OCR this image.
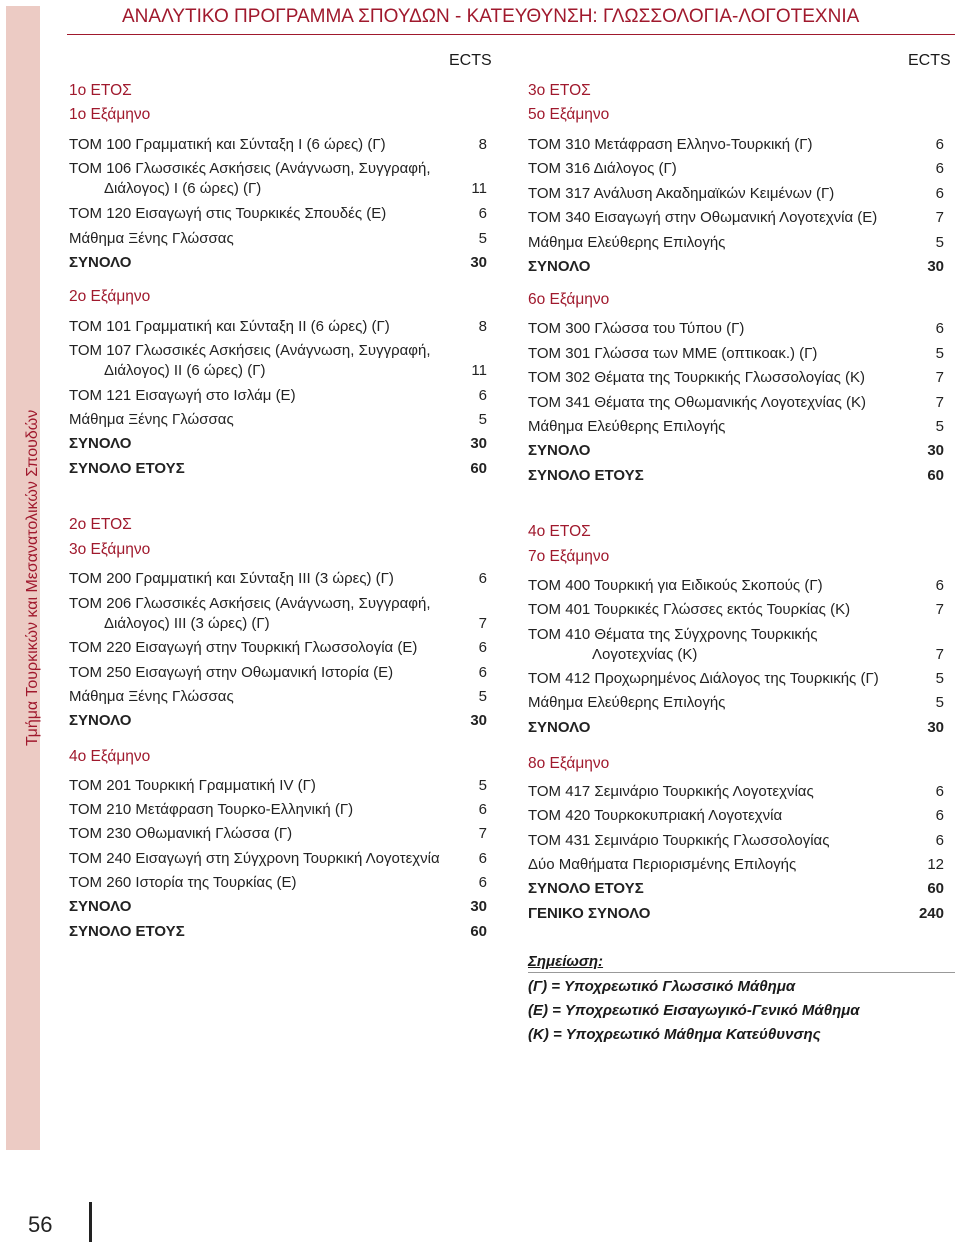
Τμήμα Τουρκικών και Μεσανατολικών Σπουδών
ΑΝΑΛΥΤΙΚΟ ΠΡΟΓΡΑΜΜΑ ΣΠΟΥΔΩΝ - ΚΑΤΕΥΘΥΝΣΗ: ΓΛΩΣΣΟΛΟΓΙΑ-ΛΟΓΟΤΕΧΝΙΑ
ECTS	ECTS
1ο ΕΤΟΣ
1ο Εξάμηνο
ΤΟΜ 100 Γραμματική και Σύνταξη Ι (6 ώρες) (Γ)	8
ΤΟΜ 106 Γλωσσικές Ασκήσεις (Ανάγνωση, Συγγραφή,
Διάλογος) Ι (6 ώρες) (Γ)	11
ΤΟΜ 120 Εισαγωγή στις Τουρκικές Σπουδές (Ε)	6
Μάθημα Ξένης Γλώσσας	5
ΣΥΝΟΛΟ	30
2ο Εξάμηνο
ΤΟΜ 101 Γραμματική και Σύνταξη ΙΙ (6 ώρες) (Γ)	8
ΤΟΜ 107 Γλωσσικές Ασκήσεις (Ανάγνωση, Συγγραφή,
Διάλογος) ΙΙ (6 ώρες) (Γ)	11
ΤΟΜ 121 Εισαγωγή στο Ισλάμ (Ε)	6
Μάθημα Ξένης Γλώσσας	5
ΣΥΝΟΛΟ	30
ΣΥΝΟΛΟ ΕΤΟΥΣ	60
2ο ΕΤΟΣ
3ο Εξάμηνο
ΤΟΜ 200 Γραμματική και Σύνταξη ΙΙΙ (3 ώρες) (Γ)	6
ΤΟΜ 206 Γλωσσικές Ασκήσεις (Ανάγνωση, Συγγραφή,
Διάλογος) ΙΙΙ (3 ώρες) (Γ)	7
ΤΟΜ 220 Εισαγωγή στην Τουρκική Γλωσσολογία (Ε)	6
ΤΟΜ 250 Εισαγωγή στην Οθωμανική Ιστορία (Ε)	6
Μάθημα Ξένης Γλώσσας	5
ΣΥΝΟΛΟ	30
4ο Εξάμηνο
ΤΟΜ 201 Τουρκική Γραμματική ΙV (Γ)	5
ΤΟΜ 210 Μετάφραση Τουρκο-Ελληνική (Γ)	6
ΤΟΜ 230 Οθωμανική Γλώσσα (Γ)	7
ΤΟΜ 240 Εισαγωγή στη Σύγχρονη Τουρκική Λογοτεχνία	6
ΤΟΜ 260 Ιστορία της Τουρκίας (Ε)	6
ΣΥΝΟΛΟ	30
ΣΥΝΟΛΟ ΕΤΟΥΣ	60
3ο ΕΤΟΣ
5ο Εξάμηνο
ΤΟΜ 310 Μετάφραση Ελληνο-Τουρκική (Γ)	6
ΤΟΜ 316 Διάλογος (Γ)	6
ΤΟΜ 317 Ανάλυση Ακαδημαϊκών Κειμένων (Γ)	6
ΤΟΜ 340 Εισαγωγή στην Οθωμανική Λογοτεχνία (Ε)	7
Μάθημα Ελεύθερης Επιλογής	5
ΣΥΝΟΛΟ	30
6ο Εξάμηνο
ΤΟΜ 300 Γλώσσα του Τύπου (Γ)	6
ΤΟΜ 301 Γλώσσα των ΜΜΕ (οπτικοακ.) (Γ)	5
ΤΟΜ 302 Θέματα της Τουρκικής Γλωσσολογίας (Κ)	7
ΤΟΜ 341 Θέματα της Οθωμανικής Λογοτεχνίας (Κ)	7
Μάθημα Ελεύθερης Επιλογής	5
ΣΥΝΟΛΟ	30
ΣΥΝΟΛΟ ΕΤΟΥΣ	60
4ο ΕΤΟΣ
7ο Εξάμηνο
ΤΟΜ 400 Τουρκική για Ειδικούς Σκοπούς (Γ)	6
ΤΟΜ 401 Τουρκικές Γλώσσες εκτός Τουρκίας (Κ)	7
ΤΟΜ 410 Θέματα της Σύγχρονης Τουρκικής
Λογοτεχνίας (Κ)	7
ΤΟΜ 412 Προχωρημένος Διάλογος της Τουρκικής (Γ)	5
Μάθημα Ελεύθερης Επιλογής	5
ΣΥΝΟΛΟ	30
8ο Εξάμηνο
ΤΟΜ 417 Σεμινάριο Τουρκικής Λογοτεχνίας	6
ΤΟΜ 420 Τουρκοκυπριακή Λογοτεχνία	6
ΤΟΜ 431 Σεμινάριο Τουρκικής Γλωσσολογίας	6
Δύο Μαθήματα Περιορισμένης Επιλογής	12
ΣΥΝΟΛΟ ΕΤΟΥΣ	60
ΓΕΝΙΚΟ ΣΥΝΟΛΟ	240
Σημείωση:
(Γ) = Υποχρεωτικό Γλωσσικό Μάθημα
(Ε) = Υποχρεωτικό Εισαγωγικό-Γενικό Μάθημα
(Κ) = Υποχρεωτικό Μάθημα Κατεύθυνσης
56
